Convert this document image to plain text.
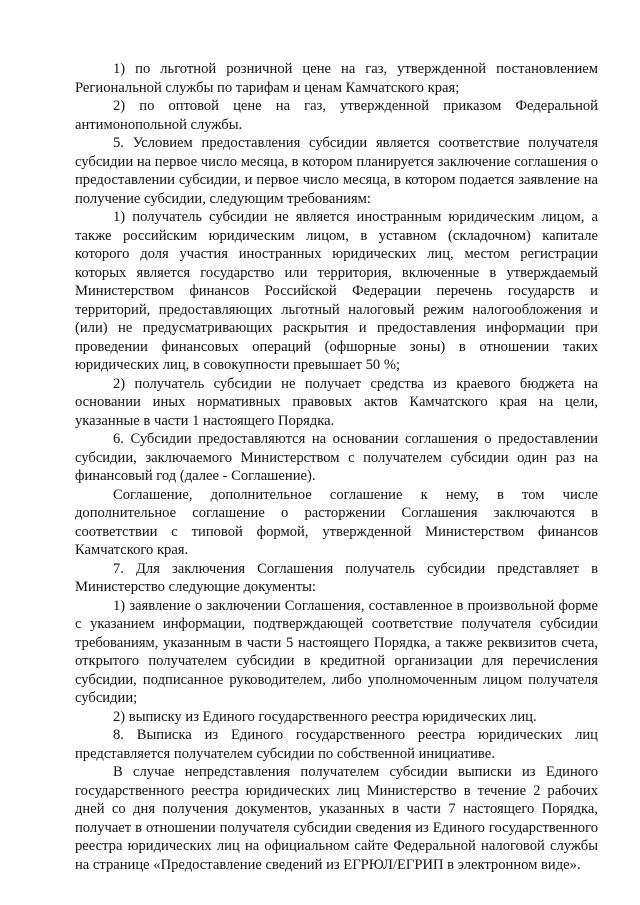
1) по льготной розничной цене на газ, утвержденной постановлением Региональной службы по тарифам и ценам Камчатского края;

2) по оптовой цене на газ, утвержденной приказом Федеральной антимонопольной службы.

5. Условием предоставления субсидии является соответствие получателя субсидии на первое число месяца, в котором планируется заключение соглашения о предоставлении субсидии, и первое число месяца, в котором подается заявление на получение субсидии, следующим требованиям:

1) получатель субсидии не является иностранным юридическим лицом, а также российским юридическим лицом, в уставном (складочном) капитале которого доля участия иностранных юридических лиц, местом регистрации которых является государство или территория, включенные в утверждаемый Министерством финансов Российской Федерации перечень государств и территорий, предоставляющих льготный налоговый режим налогообложения и (или) не предусматривающих раскрытия и предоставления информации при проведении финансовых операций (офшорные зоны) в отношении таких юридических лиц, в совокупности превышает 50 %;

2) получатель субсидии не получает средства из краевого бюджета на основании иных нормативных правовых актов Камчатского края на цели, указанные в части 1 настоящего Порядка.

6. Субсидии предоставляются на основании соглашения о предоставлении субсидии, заключаемого Министерством с получателем субсидии один раз на финансовый год (далее - Соглашение).

Соглашение, дополнительное соглашение к нему, в том числе дополнительное соглашение о расторжении Соглашения заключаются в соответствии с типовой формой, утвержденной Министерством финансов Камчатского края.

7. Для заключения Соглашения получатель субсидии представляет в Министерство следующие документы:

1) заявление о заключении Соглашения, составленное в произвольной форме с указанием информации, подтверждающей соответствие получателя субсидии требованиям, указанным в части 5 настоящего Порядка, а также реквизитов счета, открытого получателем субсидии в кредитной организации для перечисления субсидии, подписанное руководителем, либо уполномоченным лицом получателя субсидии;

2) выписку из Единого государственного реестра юридических лиц.

8. Выписка из Единого государственного реестра юридических лиц представляется получателем субсидии по собственной инициативе.

В случае непредставления получателем субсидии выписки из Единого государственного реестра юридических лиц Министерство в течение 2 рабочих дней со дня получения документов, указанных в части 7 настоящего Порядка, получает в отношении получателя субсидии сведения из Единого государственного реестра юридических лиц на официальном сайте Федеральной налоговой службы на странице «Предоставление сведений из ЕГРЮЛ/ЕГРИП в электронном виде».
